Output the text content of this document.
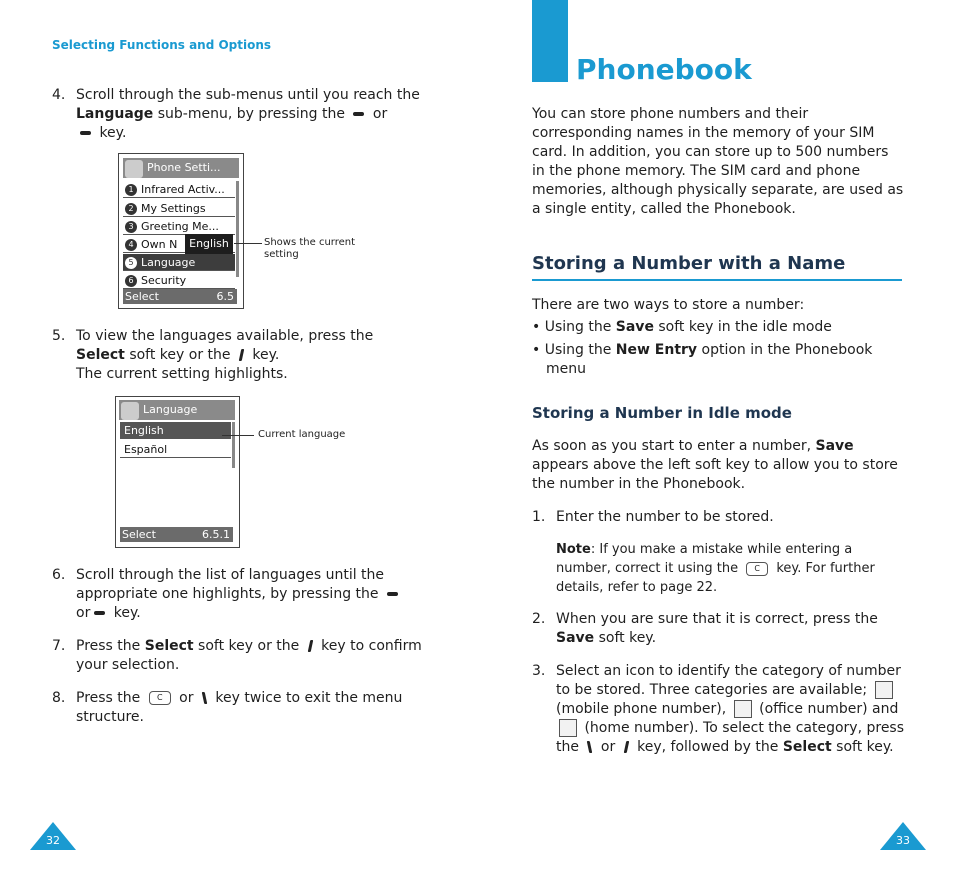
Selecting Functions and Options
4. Scroll through the sub-menus until you reach the Language sub-menu, by pressing the  or
key.
Phone Setti...
1 Infrared Activ...
2 My Settings
3 Greeting Me...
4 Own N
5 Language
6 Security
English
Select	6.5
Shows the current setting
5. To view the languages available, press the
Select soft key or the  key.
The current setting highlights.
Language
English
Español
Select	6.5.1
Current language
6. Scroll through the list of languages until the appropriate one highlights, by pressing the
or key.
7. Press the Select soft key or the  key to confirm your selection.
8. Press the C or  key twice to exit the menu structure.
32
Phonebook
You can store phone numbers and their corresponding names in the memory of your SIM card. In addition, you can store up to 500 numbers in the phone memory. The SIM card and phone memories, although physically separate, are used as a single entity, called the Phonebook.
Storing a Number with a Name
There are two ways to store a number:
• Using the Save soft key in the idle mode
• Using the New Entry option in the Phonebook menu
Storing a Number in Idle mode
As soon as you start to enter a number, Save appears above the left soft key to allow you to store the number in the Phonebook.
1. Enter the number to be stored.
Note: If you make a mistake while entering a number, correct it using the C key. For further details, refer to page 22.
2. When you are sure that it is correct, press the Save soft key.
3. Select an icon to identify the category of number to be stored. Three categories are available;  (mobile phone number),  (office number) and  (home number). To select the category, press the  or  key, followed by the Select soft key.
33
